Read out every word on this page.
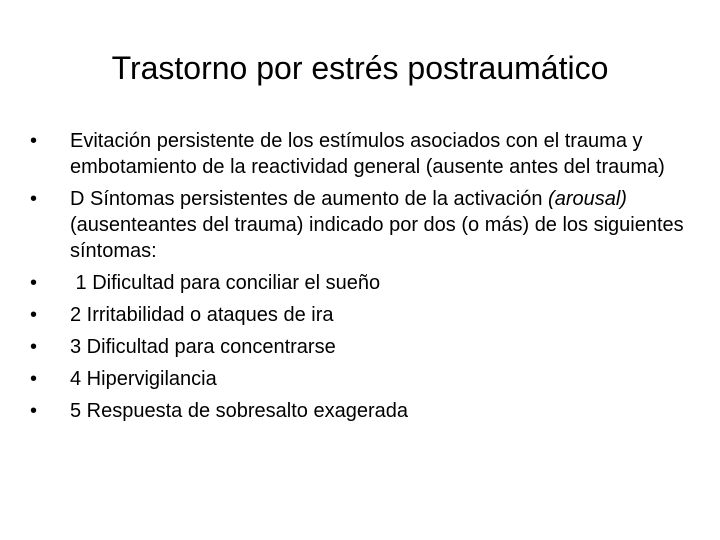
Trastorno por estrés postraumático
•	Evitación persistente de los estímulos asociados con el trauma y embotamiento de la reactividad general (ausente antes del trauma)
•	D Síntomas persistentes de aumento de la activación (arousal) (ausenteantes del trauma) indicado por dos (o más) de los siguientes síntomas:
•	1 Dificultad para conciliar el sueño
•	2 Irritabilidad o ataques de ira
•	3 Dificultad para concentrarse
•	4 Hipervigilancia
•	5 Respuesta de sobresalto exagerada
